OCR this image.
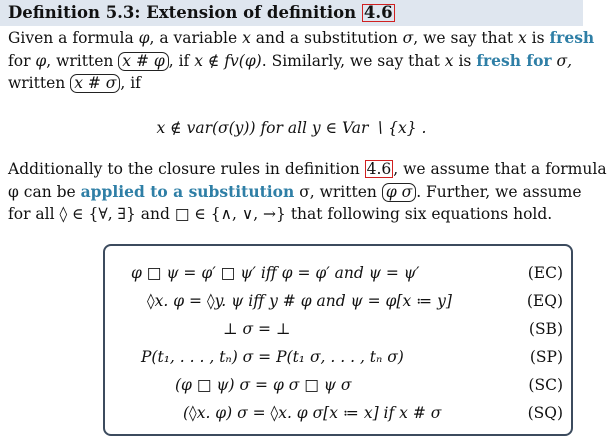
Definition 5.3: Extension of definition 4.6
Given a formula φ, a variable x and a substitution σ, we say that x is fresh
for φ, written x # φ , if x ∉ fv(φ). Similarly, we say that x is fresh for σ,
written x # σ , if
x ∉ var(σ(y)) for all y ∈ Var ∖ {x} .
Additionally to the closure rules in definition 4.6 , we assume that a formula
φ can be applied to a substitution σ, written φ σ . Further, we assume
for all ◊ ∈ {∀, ∃} and □ ∈ {∧, ∨, →} that following six equations hold.
φ □ ψ = φ′ □ ψ′ iff φ = φ′ and ψ = ψ′	(EC)
◊x. φ = ◊y. ψ iff y # φ and ψ = φ[x ≔ y]	(EQ)
⊥ σ = ⊥	(SB)
P(t₁, . . . , tₙ) σ = P(t₁ σ, . . . , tₙ σ)	(SP)
(φ □ ψ) σ = φ σ □ ψ σ	(SC)
(◊x. φ) σ = ◊x. φ σ[x ≔ x] if x # σ	(SQ)
